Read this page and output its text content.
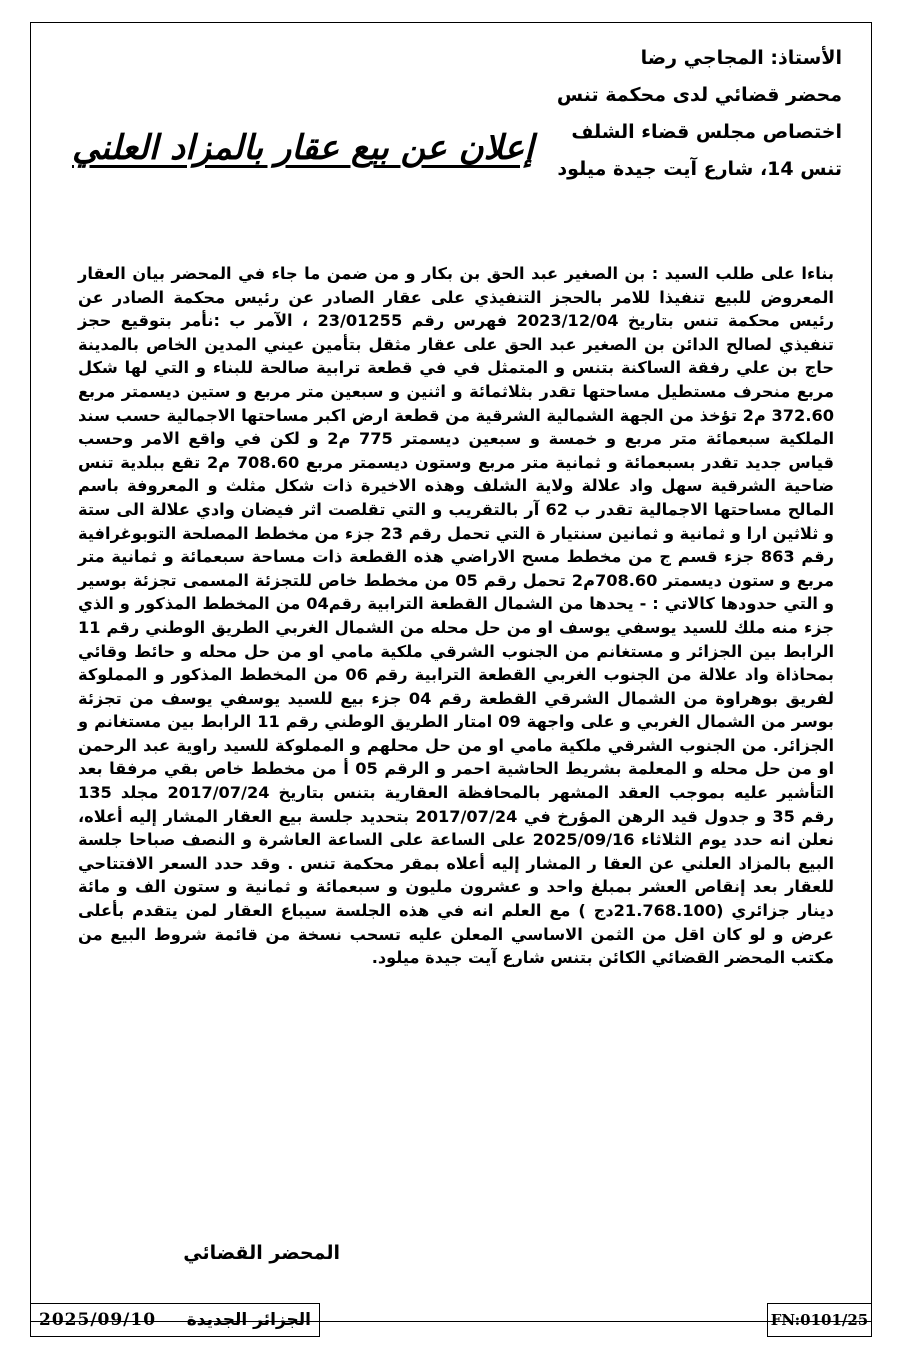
الأستاذ: المجاجي رضا
محضر قضائي لدى محكمة تنس
اختصاص مجلس قضاء الشلف
تنس 14، شارع آيت جيدة ميلود
إعلان عن بيع عقار بالمزاد العلني
بناءا على طلب السيد : بن الصغير عبد الحق بن بكار و من ضمن ما جاء في المحضر بيان العقار المعروض للبيع تنفيذا للامر بالحجز التنفيذي على عقار الصادر عن رئيس محكمة الصادر عن رئيس محكمة تنس بتاريخ 2023/12/04 فهرس رقم 23/01255 ، الآمر ب :نأمر بتوقيع حجز تنفيذي لصالح الدائن بن الصغير عبد الحق على عقار مثقل بتأمين عيني المدين الخاص بالمدينة حاج بن علي رفقة الساكنة بتنس و المتمثل في في قطعة ترابية صالحة للبناء و التي لها شكل مربع منحرف مستطيل مساحتها تقدر بثلاثمائة و اثنين و سبعين متر مربع و ستين ديسمتر مربع 372.60 م2 تؤخذ من الجهة الشمالية الشرقية من قطعة ارض اكبر مساحتها الاجمالية حسب سند الملكية سبعمائة متر مربع و خمسة و سبعين ديسمتر 775 م2 و لكن في واقع الامر وحسب قياس جديد تقدر بسبعمائة و ثمانية متر مربع وستون ديسمتر مربع 708.60 م2 تقع ببلدية تنس ضاحية الشرقية سهل واد علالة ولاية الشلف وهذه الاخيرة ذات شكل مثلث و المعروفة باسم المالح مساحتها الاجمالية تقدر ب 62 آر بالتقريب و التي تقلصت اثر فيضان وادي علالة الى ستة و ثلاثين ارا و ثمانية و ثمانين سنتيار ة التي تحمل رقم 23 جزء من مخطط المصلحة التوبوغرافية رقم 863 جزء قسم ج من مخطط مسح الاراضي هذه القطعة ذات مساحة سبعمائة و ثمانية متر مربع و ستون ديسمتر 708.60م2 تحمل رقم 05 من مخطط خاص للتجزئة المسمى تجزئة بوسير و التي حدودها كالاتي : - يحدها من الشمال القطعة الترابية رقم04 من المخطط المذكور و الذي جزء منه ملك للسيد يوسفي يوسف او من حل محله من الشمال الغربي الطريق الوطني رقم 11 الرابط بين الجزائر و مستغانم من الجنوب الشرقي ملكية مامي او من حل محله و حائط وقائي بمحاذاة واد علالة من الجنوب الغربي القطعة الترابية رقم 06 من المخطط المذكور و المملوكة لفريق بوهراوة من الشمال الشرقي القطعة رقم 04 جزء بيع للسيد يوسفي يوسف من تجزئة بوسر من الشمال الغربي و على واجهة 09 امتار الطريق الوطني رقم 11 الرابط بين مستغانم و الجزائر. من الجنوب الشرقي ملكية مامي او من حل محلهم و المملوكة للسيد راوية عبد الرحمن او من حل محله و المعلمة بشريط الحاشية احمر و الرقم 05 أ من مخطط خاص بقي مرفقا بعد التأشير عليه بموجب العقد المشهر بالمحافظة العقارية بتنس بتاريخ 2017/07/24 مجلد 135 رقم 35 و جدول قيد الرهن المؤرخ في 2017/07/24 بتحديد جلسة بيع العقار المشار إليه أعلاه، نعلن انه حدد يوم الثلاثاء 2025/09/16 على الساعة على الساعة العاشرة و النصف صباحا جلسة البيع بالمزاد العلني عن العقا ر المشار إليه أعلاه بمقر محكمة تنس . وقد حدد السعر الافتتاحي للعقار بعد إنقاص العشر بمبلغ واحد و عشرون مليون و سبعمائة و ثمانية و ستون الف و مائة دينار جزائري (21.768.100دج ) مع العلم انه في هذه الجلسة سيباع العقار لمن يتقدم بأعلى عرض و لو كان اقل من الثمن الاساسي المعلن عليه تسحب نسخة من قائمة شروط البيع من مكتب المحضر القضائي الكائن بتنس شارع آيت جيدة ميلود.
المحضر القضائي
2025/09/10 الجزائر الجديدة	FN:0101/25
